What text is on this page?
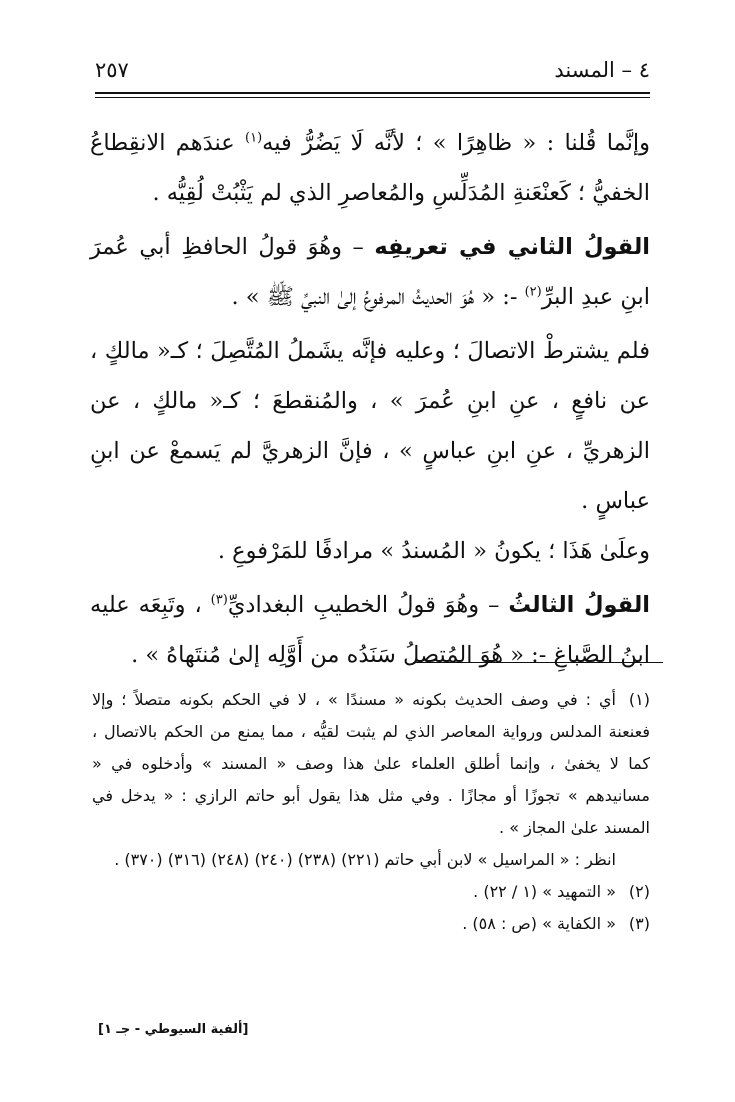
٤ – المسند
٢٥٧

وإنَّما قُلنا : « ظاهِرًا » ؛ لأنَّه لَا يَضُرُّ فيه$^{(١)}$ عندَهم الانقِطاعُ الخفيُّ ؛ كَعنْعَنةِ المُدَلِّسِ والمُعاصرِ الذي لم يَثْبُتْ لُقِيُّه .

القولُ الثاني في تعريفِه – وهُوَ قولُ الحافظِ أبي عُمرَ ابنِ عبدِ البرِّ$^{(٢)}$ -: « هُوَ الحديثُ المرفوعُ إلىٰ النبيِّ ﷺ » .

فلم يشترطْ الاتصالَ ؛ وعليه فإنَّه يشَملُ المُتَّصِلَ ؛ كـ« مالكٍ ، عن نافعٍ ، عنِ ابنِ عُمرَ » ، والمُنقطعَ ؛ كـ« مالكٍ ، عن الزهريِّ ، عنِ ابنِ عباسٍ » ، فإنَّ الزهريَّ لم يَسمعْ عن ابنِ عباسٍ .

وعلَىٰ هَذَا ؛ يكونُ « المُسندُ » مرادفًا للمَرْفوعِ .

القولُ الثالثُ – وهُوَ قولُ الخطيبِ البغداديِّ$^{(٣)}$ ، وتَبِعَه عليه ابنُ الصَّباغِ -: « هُوَ المُتصلُ سَنَدُه من أَوَّلِه إلىٰ مُنتَهاهُ » .

(١)أي : في وصف الحديث بكونه « مسندًا » ، لا في الحكم بكونه متصلاً ؛ وإلا فعنعنة المدلس ورواية المعاصر الذي لم يثبت لقيُّه ، مما يمنع من الحكم بالاتصال ، كما لا يخفىٰ ، وإنما أطلق العلماء علىٰ هذا وصف « المسند » وأدخلوه في « مسانيدهم » تجوزًا أو مجازًا . وفي مثل هذا يقول أبو حاتم الرازي : « يدخل في المسند علىٰ المجاز » .

انظر : « المراسيل » لابن أبي حاتم (٢٢١) (٢٣٨) (٢٤٠) (٢٤٨) (٣١٦) (٣٧٠) .

(٢)« التمهيد » (١ / ٢٢) .

(٣)« الكفاية » (ص : ٥٨) .

[ألفية السيوطي - جـ ١]
